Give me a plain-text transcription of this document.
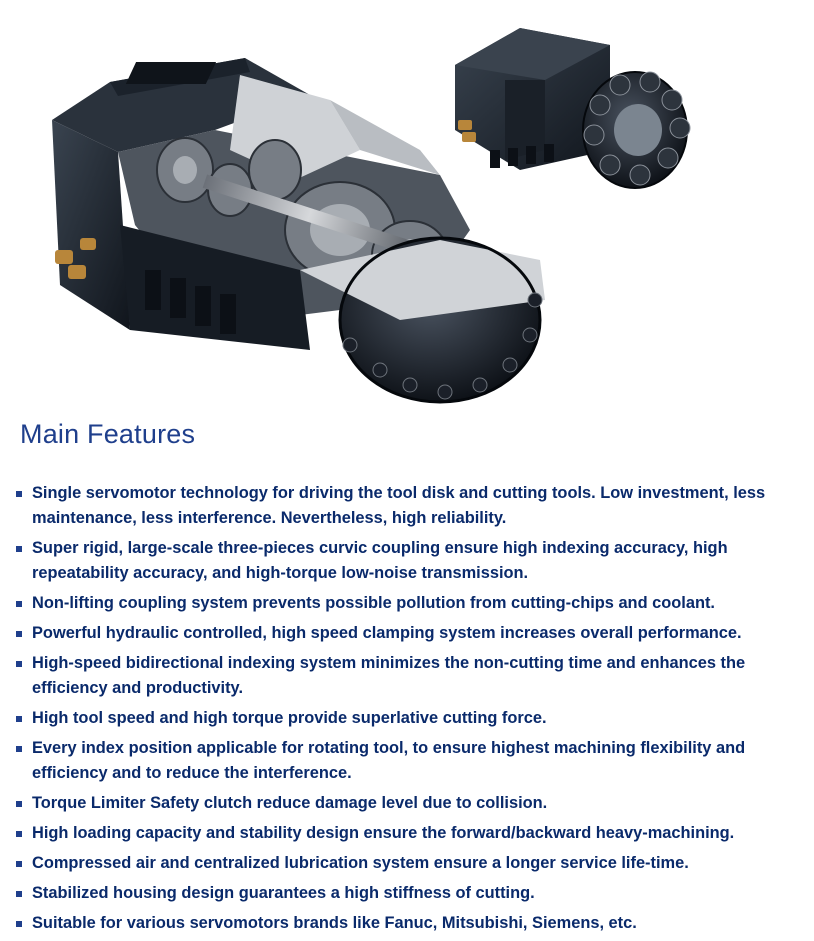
Main Features
Single servomotor technology for driving the tool disk and cutting tools. Low investment, less maintenance, less interference. Nevertheless, high reliability.
Super rigid, large-scale three-pieces curvic coupling ensure high indexing accuracy, high repeatability accuracy, and high-torque low-noise transmission.
Non-lifting coupling system prevents possible pollution from cutting-chips and coolant.
Powerful hydraulic controlled, high speed clamping system increases overall performance.
High-speed bidirectional indexing system minimizes the non-cutting time and enhances the efficiency and productivity.
High tool speed and high torque provide superlative cutting force.
Every index position applicable for rotating tool, to ensure highest machining flexibility and efficiency and to reduce the interference.
Torque Limiter Safety clutch reduce damage level due to collision.
High loading capacity and stability design ensure the forward/backward heavy-machining.
Compressed air and centralized lubrication system ensure a longer service life-time.
Stabilized housing design guarantees a high stiffness of cutting.
Suitable for various servomotors brands like Fanuc, Mitsubishi, Siemens, etc.
